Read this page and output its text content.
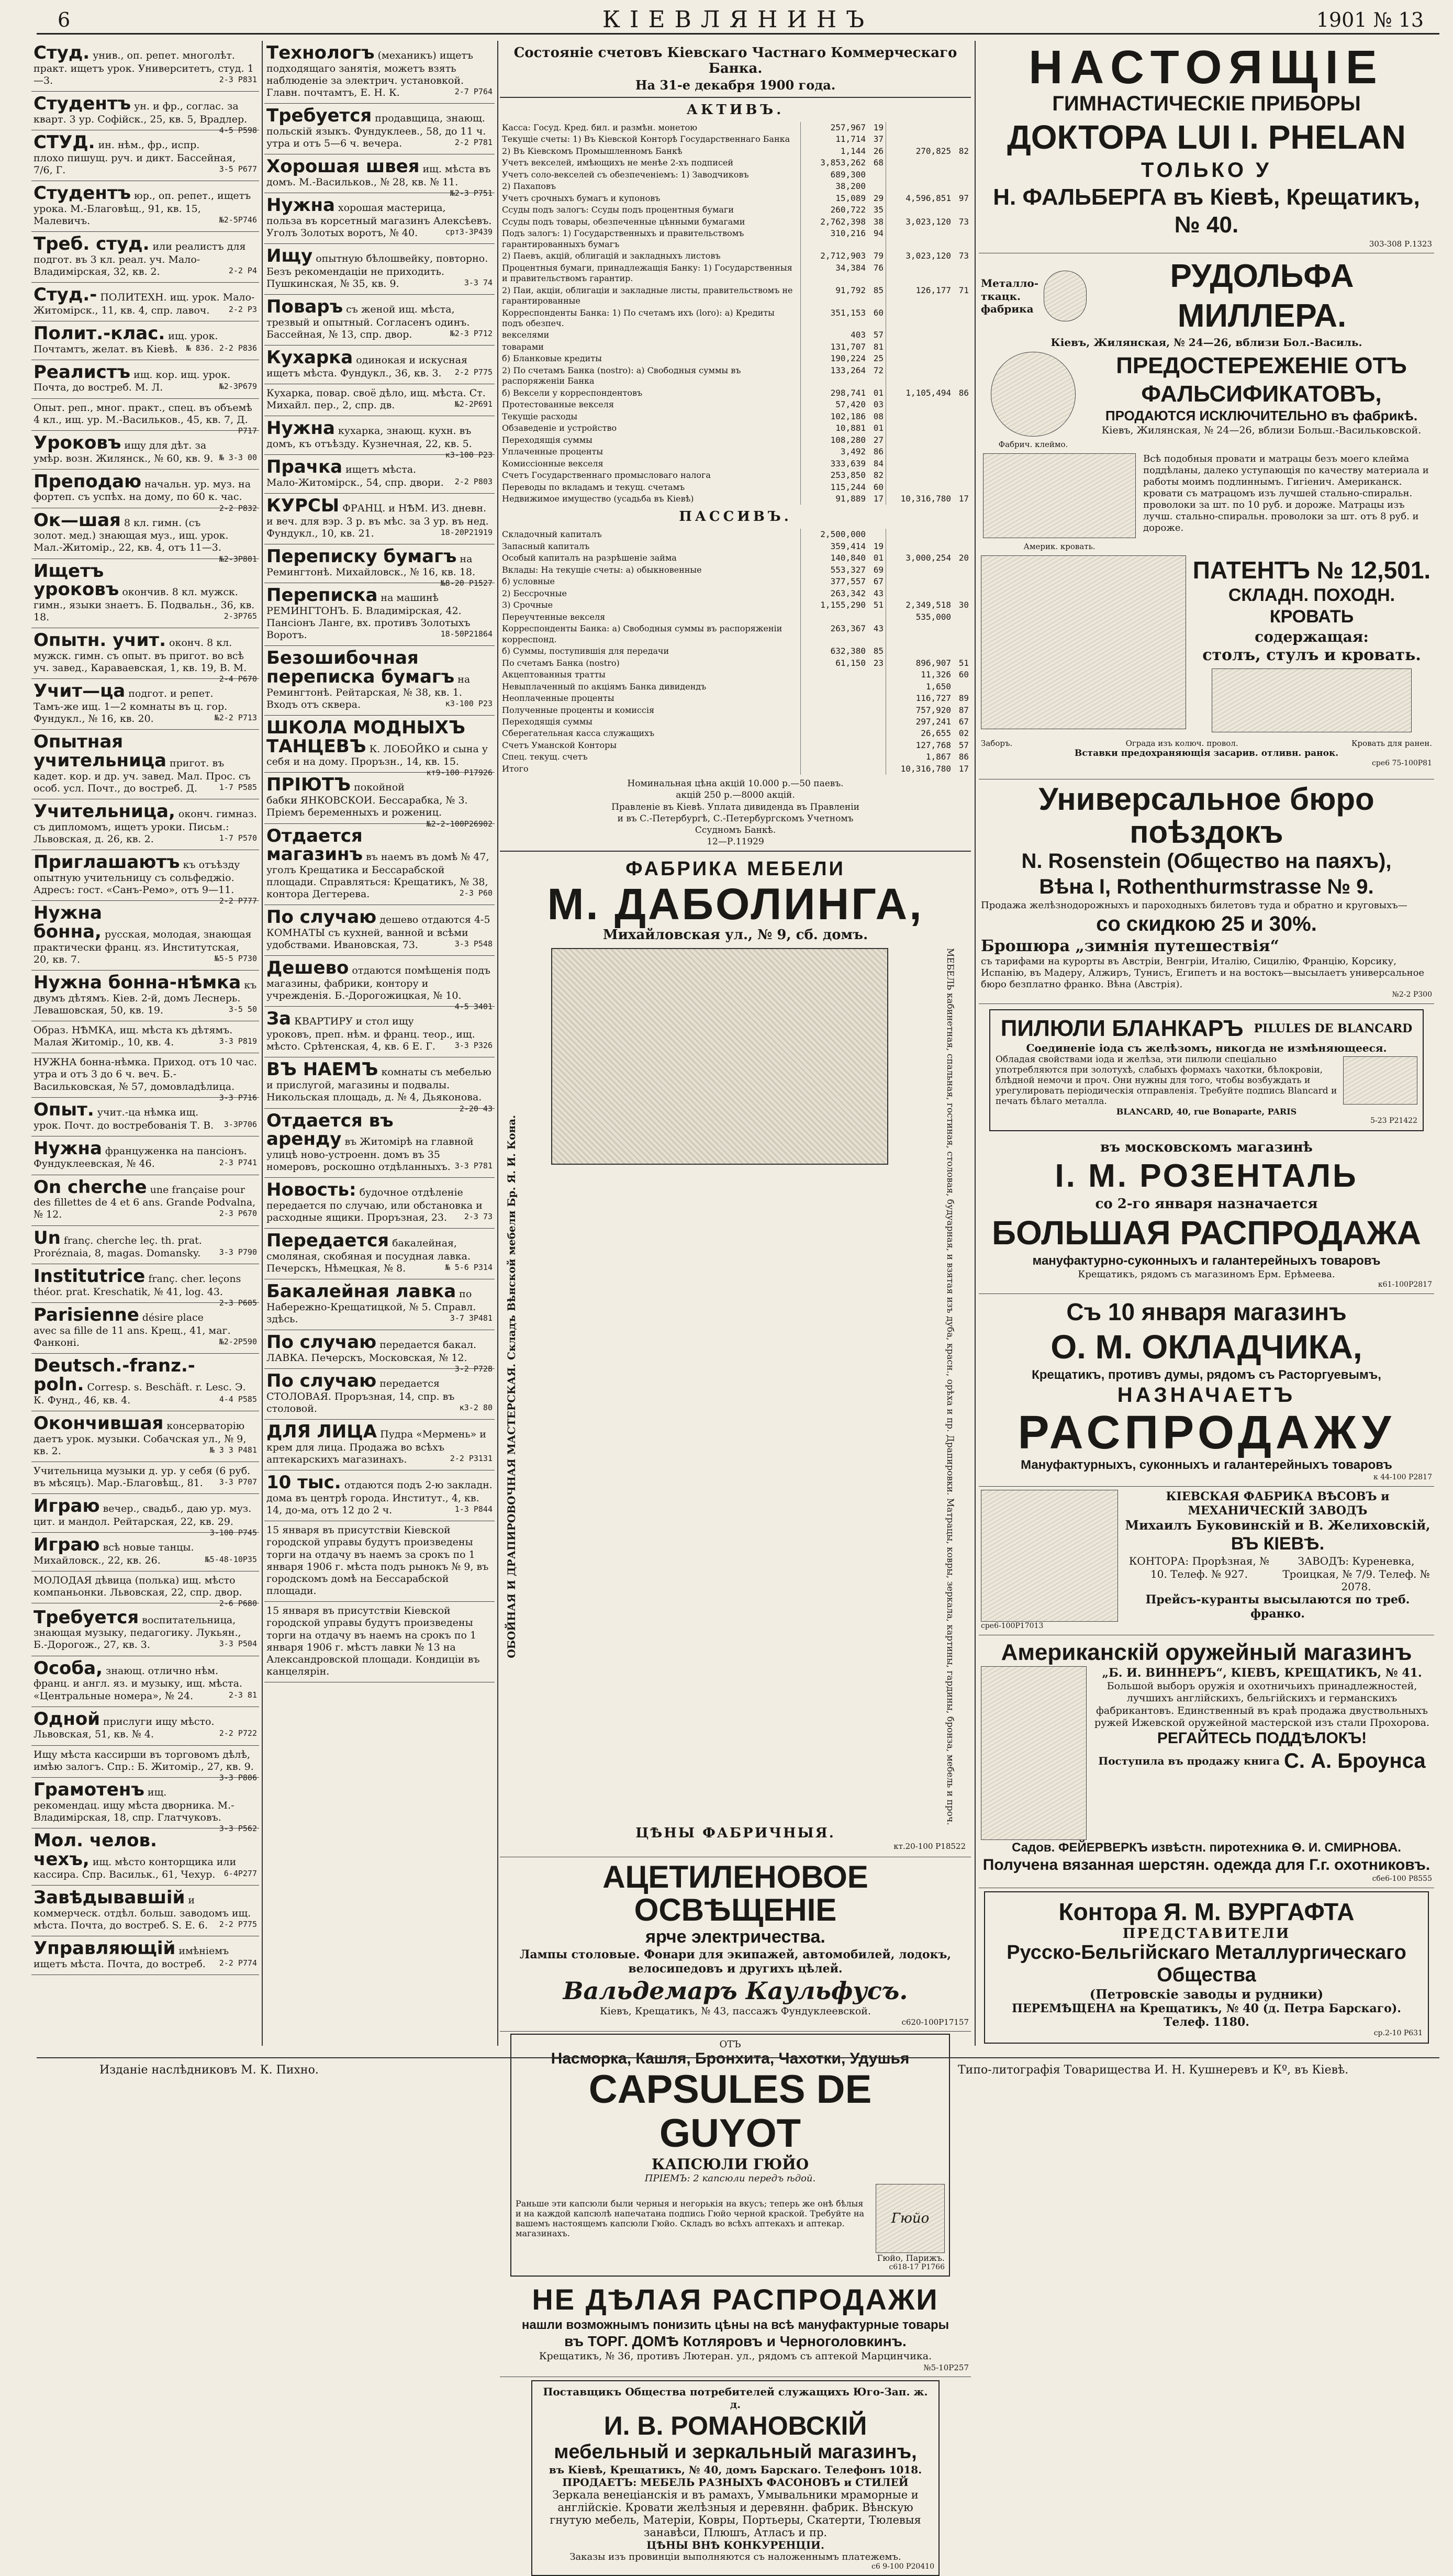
6	КІЕВЛЯНИНЪ	1901 № 13
Студ. унив., оп. репет. многолѣт. практ. ищетъ урок. Университетъ, студ. 1—3.	2-3 Р831
Студентъ ун. и фр., соглас. за кварт. 3 ур. Софійск., 25, кв. 5, Врадлер.
4-5 Р598
СТУД. ин. нѣм., фр., испр. плохо пишущ. руч. и дикт. Бассейная, 7/6, Г.	3-5 Р677
Студентъ юр., оп. репет., ищетъ урока. М.-Благовѣщ., 91, кв. 15, Малевичъ.	№2-5Р746
Треб. студ. или реалистъ для подгот. въ 3 кл. реал. уч. Мало-Владимірская, 32, кв. 2.	2-2 Р4
Студ.- ПОЛИТЕХН. ищ. урок. Мало-Житомірск., 11, кв. 4, спр. лавоч. 2-2 Р3
Полит.-клас. ищ. урок. Почтамтъ, желат. въ Кіевѣ. № 836. 2-2 Р836
Реалистъ ищ. кор. ищ. урок. Почта, до востреб. М. Л.	№2-3Р679
Опыт. реп., мног. практ., спец. въ объемѣ 4 кл., ищ. ур. М.-Васильков., 45, кв. 7, Д.
Р717
Уроковъ ищу для дѣт. за умѣр. возн. Жилянск., № 60, кв. 9. № 3-3 00
Преподаю начальн. ур. муз. на фортеп. съ успѣх. на дому, по 60 к. час.
2-2 Р832
Ок—шая 8 кл. гимн. (съ золот. мед.) знающая муз., ищ. урок. Мал.-Житомір., 22, кв. 4, отъ 11—3.
№2-3Р801
Ищетъ уроковъ окончив. 8 кл. мужск. гимн., языки знаетъ. Б. Подвальн., 36, кв. 18.	2-3Р765
Опытн. учит. оконч. 8 кл. мужск. гимн. съ опыт. въ пригот. во всѣ уч. завед., Караваевская, 1, кв. 19, В. М.
2-4 Р670
Учит—ца подгот. и репет. Тамъ-же ищ. 1—2 комнаты въ ц. гор. Фундукл., № 16, кв. 20.	№2-2 Р713
Опытная учительница пригот. въ кадет. кор. и др. уч. завед. Мал. Прос. съ особ. усл. Почт., до востреб. Д.	1-7 Р585
Учительница, оконч. гимназ. съ дипломомъ, ищетъ уроки. Письм.: Львовская, д. 26, кв. 2.	1-7 Р570
Приглашаютъ къ отъѣзду опытную учительницу съ сольфеджіо. Адресъ: гост. «Санъ-Ремо», отъ 9—11.
2-2 Р777
Нужна бонна, русская, молодая, знающая практически франц. яз. Институтская, 20, кв. 7.	№5-5 Р730
Нужна бонна-нѣмка къ двумъ дѣтямъ. Кіев. 2-й, домъ Леснерь. Левашовская, 50, кв. 19.	3-5 50
Образ. НѢМКА, ищ. мѣста къ дѣтямъ. Малая Житомір., 10, кв. 4.	3-3 Р819
НУЖНА бонна-нѣмка. Приход. отъ 10 час. утра и отъ 3 до 6 ч. веч. Б.-Васильковская, № 57, домовладѣлица.
3-3 Р716
Опыт. учит.-ца нѣмка ищ. урок. Почт. до востребованія Т. В. 3-3Р706
Нужна француженка на пансіонъ. Фундуклеевская, № 46.	2-3 Р741
On cherche une française pour des fillettes de 4 et 6 ans. Grande Podvalna, № 12.	2-3 Р670
Un franç. cherche leç. th. prat. Proréznaia, 8, magas. Domansky. 3-3 Р790
Institutrice franç. cher. leçons théor. prat. Kreschatik, № 41, log. 43.
2-3 Р605
Parisienne désire place avec sa fille de 11 ans. Крещ., 41, маг. Фанконі.	№2-2Р590
Deutsch.-franz.-poln. Corresp. s. Beschäft. r. Lesc. Э. К. Фунд., 46, кв. 4.	4-4 Р585
Окончившая консерваторію даетъ урок. музыки. Собачская ул., № 9, кв. 2.	№ 3 3 Р481
Учительница музыки д. ур. у себя (6 руб. въ мѣсяцъ). Мар.-Благовѣщ., 81. 3-3 Р707
Играю вечер., свадьб., даю ур. муз. цит. и мандол. Рейтарская, 22, кв. 29.
3-100 Р745
Играю всѣ новые танцы. Михайловск., 22, кв. 26.	№5-48-10Р35
МОЛОДАЯ дѣвица (полька) ищ. мѣсто компаньонки. Львовская, 22, спр. двор.
2-6 Р680
Требуется воспитательница, знающая музыку, педагогику. Лукьян., Б.-Дорогож., 27, кв. 3.	3-3 Р504
Особа, знающ. отлично нѣм. франц. и англ. яз. и музыку, ищ. мѣста. «Центральные номера», № 24.	2-3 81
Одной прислуги ищу мѣсто. Львовская, 51, кв. № 4.	2-2 Р722
Ищу мѣста кассирши въ торговомъ дѣлѣ, имѣю залогъ. Спр.: Б. Житомір., 27, кв. 9.
3-3 Р806
Грамотенъ ищ. рекомендац. ищу мѣста дворника. М.-Владимірская, 18, спр. Глатчуковъ.
3-3 Р562
Мол. челов. чехъ, ищ. мѣсто конторщика или кассира. Спр. Васильк., 61, Чехур. 6-4Р277
Завѣдывавшій и коммерческ. отдѣл. больш. заводомъ ищ. мѣста. Почта, до востреб. S. E. 6. 2-2 Р775
Управляющій имѣніемъ ищетъ мѣста. Почта, до востреб. 2-2 Р774
Технологъ (механикъ) ищетъ подходящаго занятія, можетъ взять наблюденіе за электрич. установкой. Главн. почтамтъ, Е. Н. К.	2-7 Р764
Требуется продавщица, знающ. польскій языкъ. Фундуклеев., 58, до 11 ч. утра и отъ 5—6 ч. вечера.	2-2 Р781
Хорошая швея ищ. мѣста въ домъ. М.-Васильков., № 28, кв. № 11.
№2-3 Р751
Нужна хорошая мастерица, польза въ корсетный магазинъ Алексѣевъ. Уголъ Золотых воротъ, № 40.	сртЗ-3Р439
Ищу опытную бѣлошвейку, повторно. Безъ рекомендаціи не приходить. Пушкинская, № 35, кв. 9.	3-3 74
Поваръ съ женой ищ. мѣста, трезвый и опытный. Согласенъ одинъ. Бассейная, № 13, спр. двор.	№2-3 Р712
Кухарка одинокая и искусная ищетъ мѣста. Фундукл., 36, кв. 3. 2-2 Р775
Кухарка, повар. своё дѣло, ищ. мѣста. Ст. Михайл. пер., 2, спр. дв.	№2-2Р691
Нужна кухарка, знающ. кухн. въ домъ, къ отъѣзду. Кузнечная, 22, кв. 5.
к3-100 Р23
Прачка ищетъ мѣста. Мало-Житомірск., 54, спр. двори. 2-2 Р803
КУРСЫ ФРАНЦ. и НѢМ. ИЗ. дневн. и веч. для вэр. 3 р. въ мѣс. за 3 ур. въ нед. Фундукл., 10, кв. 21.	18-20Р21919
Переписку бумагъ на Ремингтонѣ. Михайловск., № 16, кв. 18.
№8-20 Р1527
Переписка на машинѣ РЕМИНГТОНЪ. Б. Владимірская, 42. Пансіонъ Ланге, вх. противъ Золотыхъ Воротъ.	18-50Р21864
Безошибочная переписка бумагъ на Ремингтонѣ. Рейтарская, № 38, кв. 1. Входъ отъ сквера.	к3-100 Р23
ШКОЛА МОДНЫХЪ ТАНЦЕВЪ К. ЛОБОЙКО и сына у себя и на дому. Проръзн., 14, кв. 15.
кт9-100 Р17926
ПРІЮТЪ покойной бабки ЯНКОВСКОИ. Бессарабка, № 3. Пріемъ беременныхъ и рожениц.
№2-2-100Р26902
Отдается магазинъ въ наемъ въ домѣ № 47, уголъ Крещатика и Бессарабской площади. Справляться: Крещатикъ, № 38, контора Дегтерева.	2-3 Р60
По случаю дешево отдаются 4-5 КОМНАТЫ съ кухней, ванной и всѣми удобствами. Ивановская, 73.	3-3 Р548
Дешево отдаются помѣщенія подъ магазины, фабрики, контору и учрежденія. Б.-Дорогожицкая, № 10.
4-5 3401
За КВАРТИРУ и стол ищу уроковъ, преп. нѣм. и франц. теор., ищ. мѣсто. Срѣтенская, 4, кв. 6 Е. Г. 3-3 Р326
ВЪ НАЕМЪ комнаты съ мебелью и прислугой, магазины и подвалы. Никольская площадь, д. № 4, Дьяконова.
2-20 43
Отдается въ аренду въ Житомірѣ на главной улицѣ ново-устроенн. домъ въ 35 номеровъ, роскошно отдѣланныхъ. 3-3 Р781
Новость: будочное отдѣленіе передается по случаю, или обстановка и расходные ящики. Проръзная, 23. 2-3 73
Передается бакалейная, смоляная, скобяная и посудная лавка. Печерскъ, Нѣмецкая, № 8.	№ 5-6 Р314
Бакалейная лавка по Набережно-Крещатицкой, № 5. Справл. здѣсь.	3-7 3Р481
По случаю передается бакал. ЛАВКА. Печерскъ, Московская, № 12.
3-2 Р728
По случаю передается СТОЛОВАЯ. Проръзная, 14, спр. въ столовой.	к3-2 80
ДЛЯ ЛИЦА Пудра «Мермень» и крем для лица. Продажа во всѣхъ аптекарскихъ магазинахъ.	2-2 Р3131
10 тыс. отдаются подъ 2-ю закладн. дома въ центрѣ города. Институт., 4, кв. 14, до-ма, отъ 12 до 2 ч.	1-3 Р844
15 января въ присутствіи Кіевской городской управы будутъ произведены торги на отдачу въ наемъ за срокъ по 1 января 1906 г. мѣста подъ рынокъ № 9, въ городскомъ домѣ на Бессарабской площади.
15 января въ присутствіи Кіевской городской управы будутъ произведены торги на отдачу въ наемъ на срокъ по 1 января 1906 г. мѣстъ лавки № 13 на Александровской площади. Кондиціи въ канцелярін.
Состояніе счетовъ Кіевскаго Частнаго Коммерческаго Банка.
На 31-е декабря 1900 года.
АКТИВЪ.
Касса: Госуд. Кред. бил. и размѣн. монетою	257,967	19		
Текущіе счеты: 1) Въ Кіевской Конторѣ Государственнаго Банка	11,714	37		
2) Въ Кіевскомъ Промышленномъ Банкѣ	1,144	26	270,825	82
Учетъ векселей, имѣющихъ не менѣе 2-хъ подписей	3,853,262	68		
Учетъ соло-векселей съ обезпеченіемъ: 1) Заводчиковъ	689,300			
2) Пахаповъ	38,200			
Учетъ срочныхъ бумагъ и купоновъ	15,089	29	4,596,851	97
Ссуды подъ залогъ: Ссуды подъ процентныя бумаги	260,722	35		
Ссуды подъ товары, обезпеченные цѣнными бумагами	2,762,398	38	3,023,120	73
Подъ залогъ: 1) Государственныхъ и правительствомъ гарантированныхъ бумагъ	310,216	94		
2) Паевъ, акцій, облигацій и закладныхъ листовъ	2,712,903	79	3,023,120	73
Процентныя бумаги, принадлежащія Банку: 1) Государственныя и правительствомъ гарантир.	34,384	76		
2) Паи, акціи, облигаціи и закладные листы, правительствомъ не гарантированные	91,792	85	126,177	71
Корреспонденты Банка: 1) По счетамъ ихъ (loro): а) Кредиты подъ обезпеч.	351,153	60		
векселями	403	57		
товарами	131,707	81		
б) Бланковые кредиты	190,224	25		
2) По счетамъ Банка (nostro): а) Свободныя суммы въ распоряженіи Банка	133,264	72		
б) Вексели у корреспондентовъ	298,741	01	1,105,494	86
Протестованные векселя	57,420	03		
Текущіе расходы	102,186	08		
Обзаведеніе и устройство	10,881	01		
Переходящія суммы	108,280	27		
Уплаченные проценты	3,492	86		
Комиссіонные векселя	333,639	84		
Счетъ Государственнаго промысловаго налога	253,850	82		
Переводы по вкладамъ и текущ. счетамъ	115,244	60		
Недвижимое имущество (усадьба въ Кіевѣ)	91,889	17	10,316,780	17
ПАССИВЪ.
Складочный капиталъ	2,500,000			
Запасный капиталъ	359,414	19		
Особый капиталъ на разрѣшеніе займа	140,840	01	3,000,254	20
Вклады: На текущіе счеты: а) обыкновенные	553,327	69		
б) условные	377,557	67		
2) Бессрочные	263,342	43		
3) Срочные	1,155,290	51	2,349,518	30
Переучтенные векселя			535,000	
Корреспонденты Банка: а) Свободныя суммы въ распоряженіи корреспонд.	263,367	43		
б) Суммы, поступившія для передачи	632,380	85		
По счетамъ Банка (nostro)	61,150	23	896,907	51
Акцептованныя тратты			11,326	60
Невыплаченный по акціямъ Банка дивидендъ			1,650	
Неоплаченные проценты			116,727	89
Полученные проценты и комиссія			757,920	87
Переходящія суммы			297,241	67
Сберегательная касса служащихъ			26,655	02
Счетъ Уманской Конторы			127,768	57
Спец. текущ. счетъ			1,867	86
Итого			10,316,780	17
Номинальная цѣна акцій 10.000 р.—50 паевъ.
акцій 250 р.—8000 акцій.
Правленіе въ Кіевѣ. Уплата дивиденда въ Правленіи
и въ С.-Петербургѣ, С.-Петербургскомъ Учетномъ
Ссудномъ Банкѣ.
12—Р.11929
ФАБРИКА МЕБЕЛИ
М. ДАБОЛИНГА,
Михайловская ул., № 9, сб. домъ.
ОБОЙНАЯ И ДРАПИРОВОЧНАЯ МАСТЕРСКАЯ. Складъ Вѣнской мебели Бр. Я. И. Кона.	МЕБЕЛЬ кабинетная, спальная, гостиная, столовая, будуарная, и взятая изъ дуба, красн., орѣха и пр. Драпировки. Матрацы, ковры, зеркала, картины, гардины, бронза, мебель и проч.
ЦѢНЫ ФАБРИЧНЫЯ.
кт.20-100 Р18522
АЦЕТИЛЕНОВОЕ ОСВѢЩЕНІЕ
ярче электричества.
Лампы столовые. Фонари для экипажей, автомобилей, лодокъ, велосипедовъ и другихъ цѣлей.
Вальдемаръ Каульфусъ.
Кіевъ, Крещатикъ, № 43, пассажъ Фундуклеевской.
с620-100Р17157
ОТЪ
Насморка, Кашля, Бронхита, Чахотки, Удушья
CAPSULES DE GUYOT
КАПСЮЛИ ГЮЙО
ПРІЕМЪ: 2 капсюли передъ ѣдой.
Раньше эти капсюли были черныя и негорькія на вкусъ; теперь же онѣ бѣлыя и на каждой капсюлѣ напечатана подпись Гюйо черной краской. Требуйте на вашемъ настоящемъ капсюли Гюйо. Складъ во всѣхъ аптекахъ и аптекар. магазинахъ.
Гюйо
Гюйо, Парижъ.
с618-17 Р1766
НЕ ДѢЛАЯ РАСПРОДАЖИ
нашли возможнымъ понизить цѣны на всѣ мануфактурные товары
въ ТОРГ. ДОМѢ Котляровъ и Черноголовкинъ.
Крещатикъ, № 36, противъ Лютеран. ул., рядомъ съ аптекой Марцинчика.
№5-10Р257
Поставщикъ Общества потребителей служащихъ Юго-Зап. ж. д.
И. В. РОМАНОВСКІЙ
мебельный и зеркальный магазинъ,
въ Кіевѣ, Крещатикъ, № 40, домъ Барскаго. Телефонъ 1018.
ПРОДАЕТЪ: МЕБЕЛЬ РАЗНЫХЪ ФАСОНОВЪ и СТИЛЕЙ
Зеркала венеціанскія и въ рамахъ, Умывальники мраморные и англійскіе. Кровати желѣзныя и деревянн. фабрик. Вѣнскую гнутую мебель, Матеріи, Ковры, Портьеры, Скатерти, Тюлевыя занавѣси, Плюшъ, Атласъ и пр.
ЦѢНЫ ВНѢ КОНКУРЕНЦІИ.
Заказы изъ провинціи выполняются съ наложеннымъ платежемъ.
с6 9-100 Р20410
НАСТОЯЩІЕ
ГИМНАСТИЧЕСКІЕ ПРИБОРЫ
ДОКТОРА LUI I. PHELAN
ТОЛЬКО У
Н. ФАЛЬБЕРГА въ Кіевѣ, Крещатикъ, № 40.
303-308 Р.1323
Металло-ткацк. фабрика
РУДОЛЬФА МИЛЛЕРА.
Кіевъ, Жилянская, № 24—26, вблизи Бол.-Василь.
Фабрич. клеймо.
ПРЕДОСТЕРЕЖЕНІЕ ОТЪ ФАЛЬСИФИКАТОВЪ,
ПРОДАЮТСЯ ИСКЛЮЧИТЕЛЬНО въ фабрикѣ.
Кіевъ, Жилянская, № 24—26, вблизи Больш.-Васильковской.
Америк. кровать.
Всѣ подобныя провати и матрацы безъ моего клейма поддѣланы, далеко уступающія по качеству материала и работы моимъ подлиннымъ. Гигіенич. Американск. кровати съ матрацомъ изъ лучшей стально-спиральн. проволоки за шт. по 10 руб. и дороже. Матрацы изъ лучш. стально-спиральн. проволоки за шт. отъ 8 руб. и дороже.
ПАТЕНТЪ № 12,501.
СКЛАДН. ПОХОДН. КРОВАТЬ
содержащая:
столъ, стулъ и кровать.
Заборъ.	Ограда изъ колюч. провол.	Кровать для ранен.
Вставки предохраняющія засарив. отливн. ранок.
сре6 75-100Р81
Универсальное бюро поѣздокъ
N. Rosenstein (Общество на паяхъ),
Вѣна I, Rothenthurmstrasse № 9.
Продажа желѣзнодорожныхъ и пароходныхъ билетовъ туда и обратно и круговыхъ—
со скидкою 25 и 30%.
Брошюра „зимнія путешествія“
съ тарифами на курорты въ Австріи, Венгріи, Италію, Сицилію, Францію, Корсику, Испанію, въ Мадеру, Алжиръ, Тунисъ, Египетъ и на востокъ—высылаетъ универсальное бюро безплатно франко. Вѣна (Австрія).
№2-2 Р300
ПИЛЮЛИ БЛАНКАРЪ PILULES DE BLANCARD
Соединеніе іода съ желѣзомъ, никогда не измѣняющееся.
Обладая свойствами іода и желѣза, эти пилюли спеціально употребляются при золотухѣ, слабыхъ формахъ чахотки, бѣлокровіи, блѣдной немочи и проч. Они нужны для того, чтобы возбуждать и урегулировать періодическія отправленія. Требуйте подпись Blancard и печать бѣлаго металла.
BLANCARD, 40, rue Bonaparte, PARIS
5-23 Р21422
въ московскомъ магазинѣ
I. М. РОЗЕНТАЛЬ
со 2-го января назначается
БОЛЬШАЯ РАСПРОДАЖА
мануфактурно-суконныхъ и галантерейныхъ товаровъ
Крещатикъ, рядомъ съ магазиномъ Ерм. Ерѣмеева.
к61-100Р2817
Съ 10 января магазинъ
О. М. ОКЛАДЧИКА,
Крещатикъ, противъ думы, рядомъ съ Расторгуевымъ,
НАЗНАЧАЕТЪ
РАСПРОДАЖУ
Мануфактурныхъ, суконныхъ и галантерейныхъ товаровъ
к 44-100 Р2817
КІЕВСКАЯ ФАБРИКА ВѢСОВЪ и МЕХАНИЧЕСКІЙ ЗАВОДЪ
Михаилъ Буковинскій и В. Желиховскій,
ВЪ КІЕВѢ.
КОНТОРА: Прорѣзная, № 10. Телеф. № 927.
ЗАВОДЪ: Куреневка, Троицкая, № 7/9. Телеф. № 2078.
Прейсъ-куранты высылаются по треб. франко.
сре6-100Р17013
Американскій оружейный магазинъ
„Б. И. ВИННЕРЪ“, КІЕВЪ, КРЕЩАТИКЪ, № 41.
Большой выборъ оружія и охотничьихъ принадлежностей, лучшихъ англійскихъ, бельгійскихъ и германскихъ фабрикантовъ. Единственный въ краѣ продажа двуствольныхъ ружей Ижевской оружейной мастерской изъ стали Прохорова.
РЕГАЙТЕСЬ ПОДДѢЛОКЪ!
Поступила въ продажу книга С. А. Броунса
Садов. ФЕЙЕРВЕРКЪ извѣстн. пиротехника Ѳ. И. СМИРНОВА.
Получена вязанная шерстян. одежда для Г.г. охотниковъ.
сбе6-100 Р8555
Контора Я. М. ВУРГАФТА
ПРЕДСТАВИТЕЛИ
Русско-Бельгійскаго Металлургическаго Общества
(Петровскіе заводы и рудники)
ПЕРЕМѢЩЕНА на Крещатикъ, № 40 (д. Петра Барскаго). Телеф. 1180.
ср.2-10 Р631
Изданіе наслѣдниковъ М. К. Пихно.	Типо-литографія Товарищества И. Н. Кушнеревъ и Кº, въ Кіевѣ.
